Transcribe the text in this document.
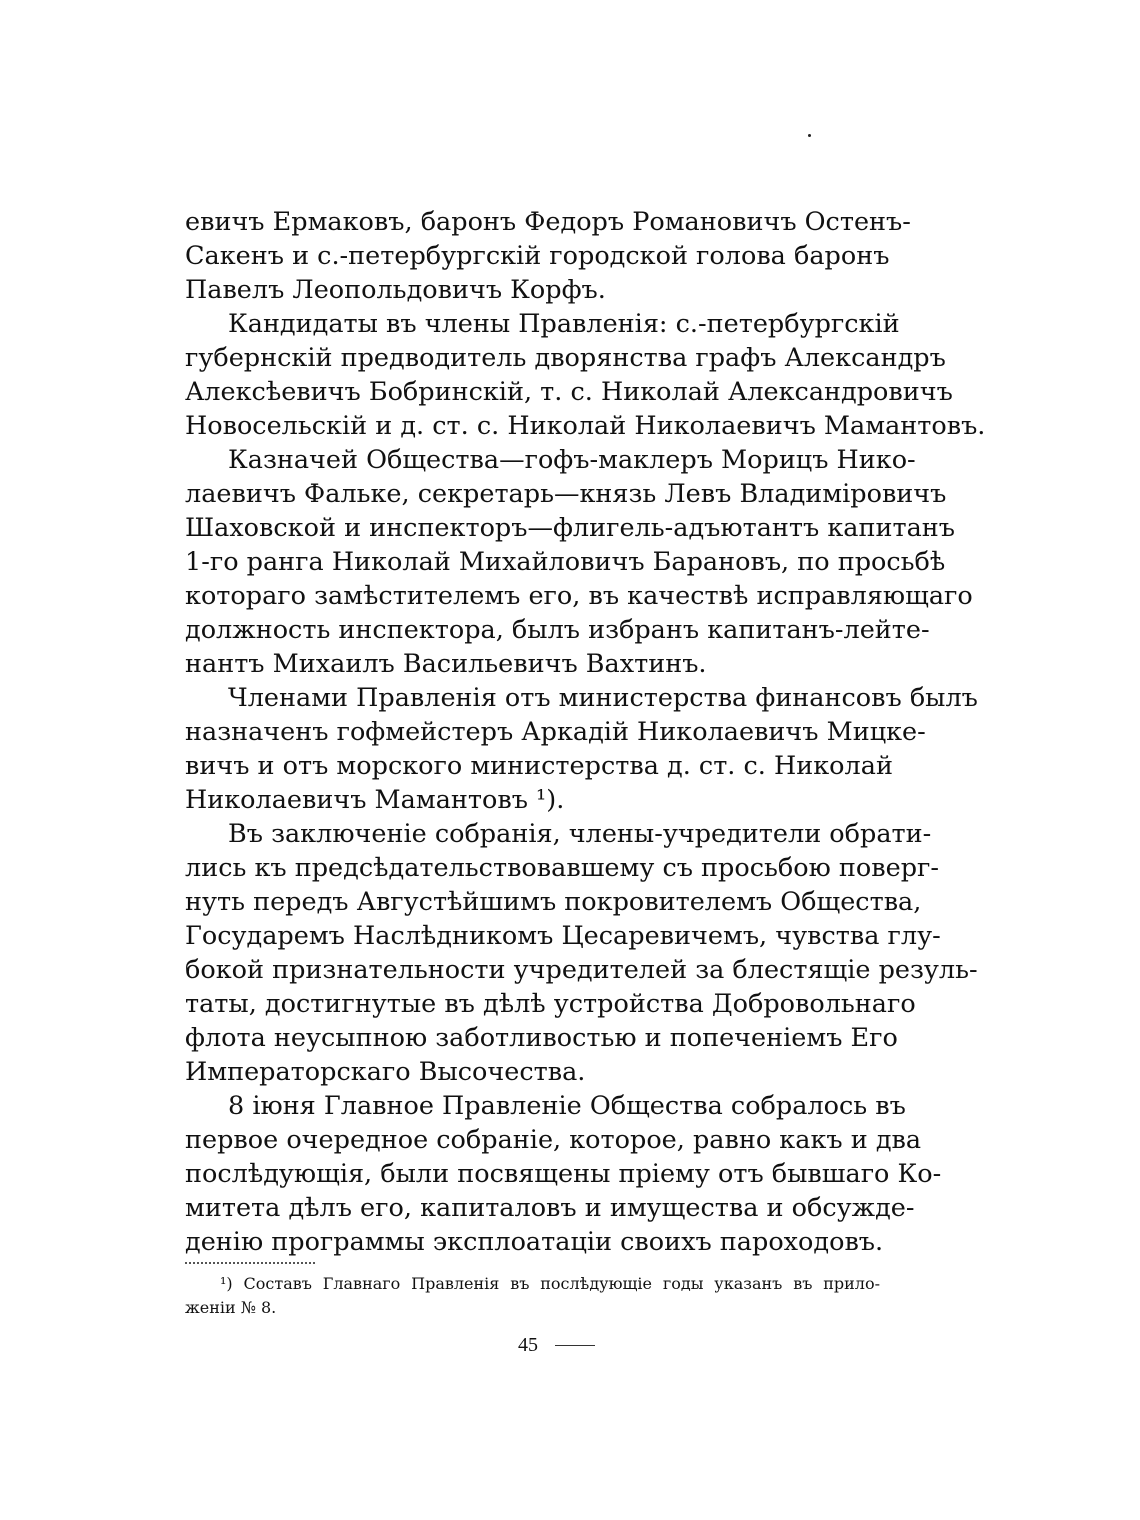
евичъ Ермаковъ, баронъ Федоръ Романовичъ Остенъ-
Сакенъ и с.-петербургскій городской голова баронъ
Павелъ Леопольдовичъ Корфъ.
Кандидаты въ члены Правленія: с.-петербургскій
губернскій предводитель дворянства графъ Александръ
Алексѣевичъ Бобринскій, т. с. Николай Александровичъ
Новосельскій и д. ст. с. Николай Николаевичъ Мамантовъ.
Казначей Общества—гофъ-маклеръ Морицъ Нико-
лаевичъ Фальке, секретарь—князь Левъ Владиміровичъ
Шаховской и инспекторъ—флигель-адъютантъ капитанъ
1-го ранга Николай Михайловичъ Барановъ, по просьбѣ
котораго замѣстителемъ его, въ качествѣ исправляющаго
должность инспектора, былъ избранъ капитанъ-лейте-
нантъ Михаилъ Васильевичъ Вахтинъ.
Членами Правленія отъ министерства финансовъ былъ
назначенъ гофмейстеръ Аркадій Николаевичъ Мицке-
вичъ и отъ морского министерства д. ст. с. Николай
Николаевичъ Мамантовъ ¹).
Въ заключеніе собранія, члены-учредители обрати-
лись къ предсѣдательствовавшему съ просьбою поверг-
нуть передъ Августѣйшимъ покровителемъ Общества,
Государемъ Наслѣдникомъ Цесаревичемъ, чувства глу-
бокой признательности учредителей за блестящіе резуль-
таты, достигнутые въ дѣлѣ устройства Добровольнаго
флота неусыпною заботливостью и попеченіемъ Его
Императорскаго Высочества.
8 іюня Главное Правленіе Общества собралось въ
первое очередное собраніе, которое, равно какъ и два
послѣдующія, были посвящены пріему отъ бывшаго Ко-
митета дѣлъ его, капиталовъ и имущества и обсужде-
денію программы эксплоатаціи своихъ пароходовъ.
¹) Составъ Главнаго Правленія въ послѣдующіе годы указанъ въ прило-
женіи № 8.
45
